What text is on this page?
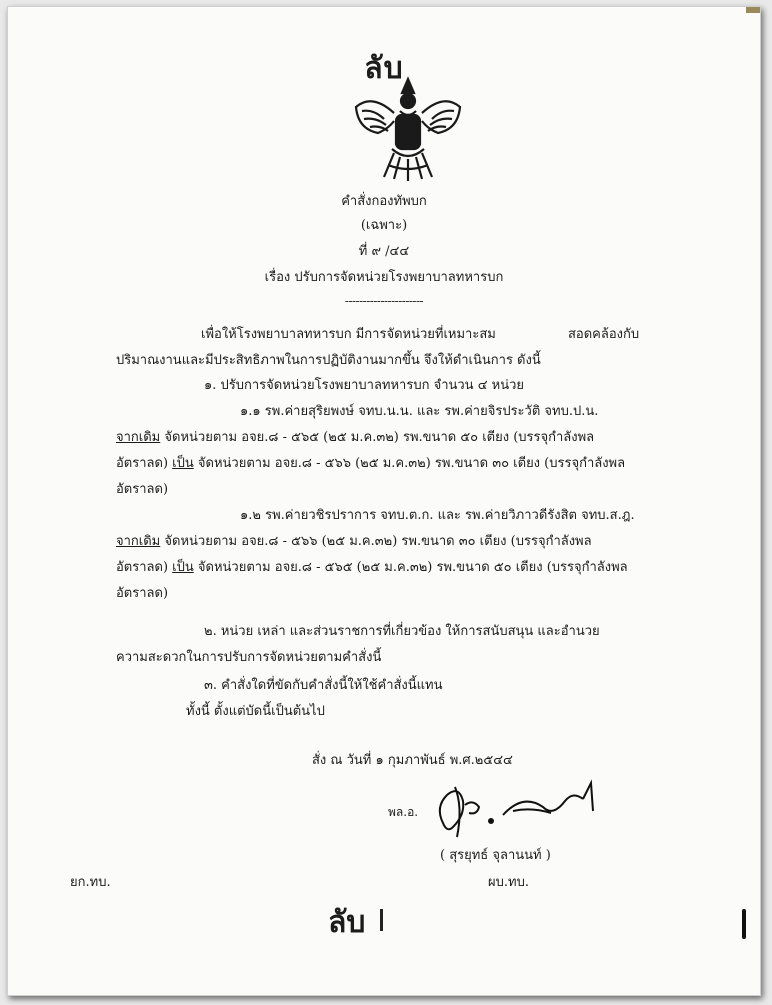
ลับ
คำสั่งกองทัพบก
(เฉพาะ)
ที่ ๙ /๔๔
เรื่อง ปรับการจัดหน่วยโรงพยาบาลทหารบก
----------------------
เพื่อให้โรงพยาบาลทหารบก มีการจัดหน่วยที่เหมาะสม	สอดคล้องกับ
ปริมาณงานและมีประสิทธิภาพในการปฏิบัติงานมากขึ้น จึงให้ดำเนินการ ดังนี้
๑. ปรับการจัดหน่วยโรงพยาบาลทหารบก จำนวน ๔ หน่วย
๑.๑ รพ.ค่ายสุริยพงษ์ จทบ.น.น. และ รพ.ค่ายจิรประวัติ จทบ.ป.น.
จากเดิม จัดหน่วยตาม อจย.๘ - ๕๖๕ (๒๕ ม.ค.๓๒) รพ.ขนาด ๕๐ เตียง (บรรจุกำลังพล
อัตราลด) เป็น จัดหน่วยตาม อจย.๘ - ๕๖๖ (๒๕ ม.ค.๓๒) รพ.ขนาด ๓๐ เตียง (บรรจุกำลังพล
อัตราลด)
๑.๒ รพ.ค่ายวชิรปราการ จทบ.ต.ก. และ รพ.ค่ายวิภาวดีรังสิต จทบ.ส.ฎ.
จากเดิม จัดหน่วยตาม อจย.๘ - ๕๖๖ (๒๕ ม.ค.๓๒) รพ.ขนาด ๓๐ เตียง (บรรจุกำลังพล
อัตราลด) เป็น จัดหน่วยตาม อจย.๘ - ๕๖๕ (๒๕ ม.ค.๓๒) รพ.ขนาด ๕๐ เตียง (บรรจุกำลังพล
อัตราลด)
๒. หน่วย เหล่า และส่วนราชการที่เกี่ยวข้อง ให้การสนับสนุน และอำนวย
ความสะดวกในการปรับการจัดหน่วยตามคำสั่งนี้
๓. คำสั่งใดที่ขัดกับคำสั่งนี้ให้ใช้คำสั่งนี้แทน
ทั้งนี้ ตั้งแต่บัดนี้เป็นต้นไป
สั่ง ณ วันที่ ๑ กุมภาพันธ์ พ.ศ.๒๕๔๔
พล.อ.
( สุรยุทธ์ จุลานนท์ )
ยก.ทบ.	ผบ.ทบ.
ลับ
